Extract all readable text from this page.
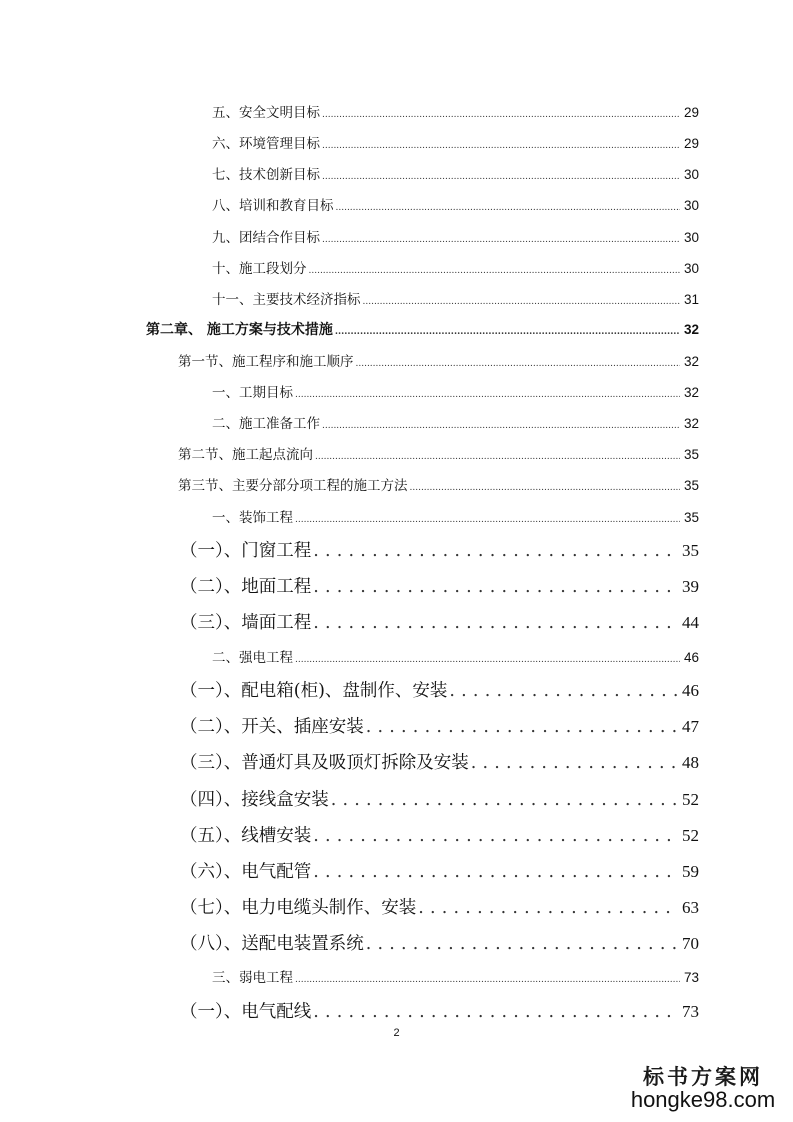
五、安全文明目标 .....	29
六、环境管理目标 .....	29
七、技术创新目标 .....	30
八、培训和教育目标 .....	30
九、团结合作目标 .....	30
十、施工段划分 .....	30
十一、主要技术经济指标 .....	31
第二章、 施工方案与技术措施 .....	32
第一节、施工程序和施工顺序 .....	32
一、工期目标 .....	32
二、施工准备工作 .....	32
第二节、施工起点流向 .....	35
第三节、主要分部分项工程的施工方法 .....	35
一、装饰工程 .....	35
（一）、门窗工程 .....	35
（二）、地面工程 .....	39
（三）、墙面工程 .....	44
二、强电工程 .....	46
（一）、配电箱(柜)、盘制作、安装 .....	46
（二）、开关、插座安装 .....	47
（三）、普通灯具及吸顶灯拆除及安装 .....	48
（四）、接线盒安装 .....	52
（五）、线槽安装 .....	52
（六）、电气配管 .....	59
（七）、电力电缆头制作、安装 .....	63
（八）、送配电装置系统 .....	70
三、弱电工程 .....	73
（一）、电气配线 .....	73
2
标书方案网
hongke98.com
